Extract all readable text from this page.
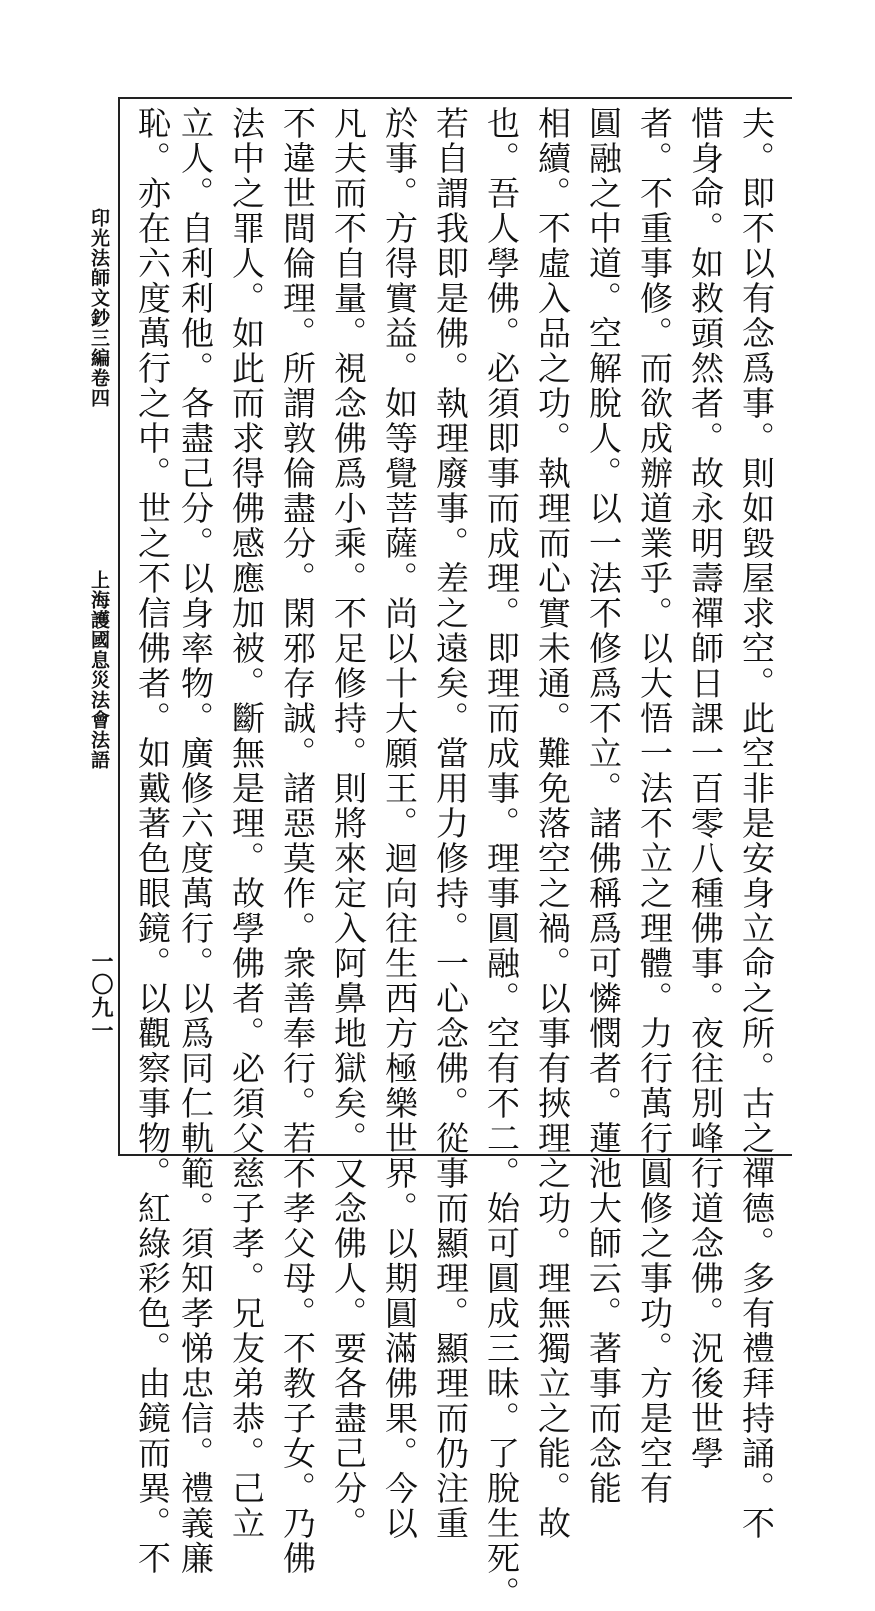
印光法師文鈔三編卷四
上海護國息災法會法語
一〇九一	夫。即不以有念爲事。則如毀屋求空。此空非是安身立命之所。古之禪德。多有禮拜持誦。不
惜身命。如救頭然者。故永明壽禪師日課一百零八種佛事。夜往別峰行道念佛。況後世學
者。不重事修。而欲成辦道業乎。以大悟一法不立之理體。力行萬行圓修之事功。方是空有
圓融之中道。空解脫人。以一法不修爲不立。諸佛稱爲可憐憫者。蓮池大師云。著事而念能
相續。不虛入品之功。執理而心實未通。難免落空之禍。以事有挾理之功。理無獨立之能。故
也。吾人學佛。必須即事而成理。即理而成事。理事圓融。空有不二。始可圓成三昧。了脫生死。
若自謂我即是佛。執理廢事。差之遠矣。當用力修持。一心念佛。從事而顯理。顯理而仍注重
於事。方得實益。如等覺菩薩。尚以十大願王。迴向往生西方極樂世界。以期圓滿佛果。今以
凡夫而不自量。視念佛爲小乘。不足修持。則將來定入阿鼻地獄矣。又念佛人。要各盡己分。
不違世間倫理。所謂敦倫盡分。閑邪存誠。諸惡莫作。衆善奉行。若不孝父母。不教子女。乃佛
法中之罪人。如此而求得佛感應加被。斷無是理。故學佛者。必須父慈子孝。兄友弟恭。己立
立人。自利利他。各盡己分。以身率物。廣修六度萬行。以爲同仁軌範。須知孝悌忠信。禮義廉
恥。亦在六度萬行之中。世之不信佛者。如戴著色眼鏡。以觀察事物。紅綠彩色。由鏡而異。不
